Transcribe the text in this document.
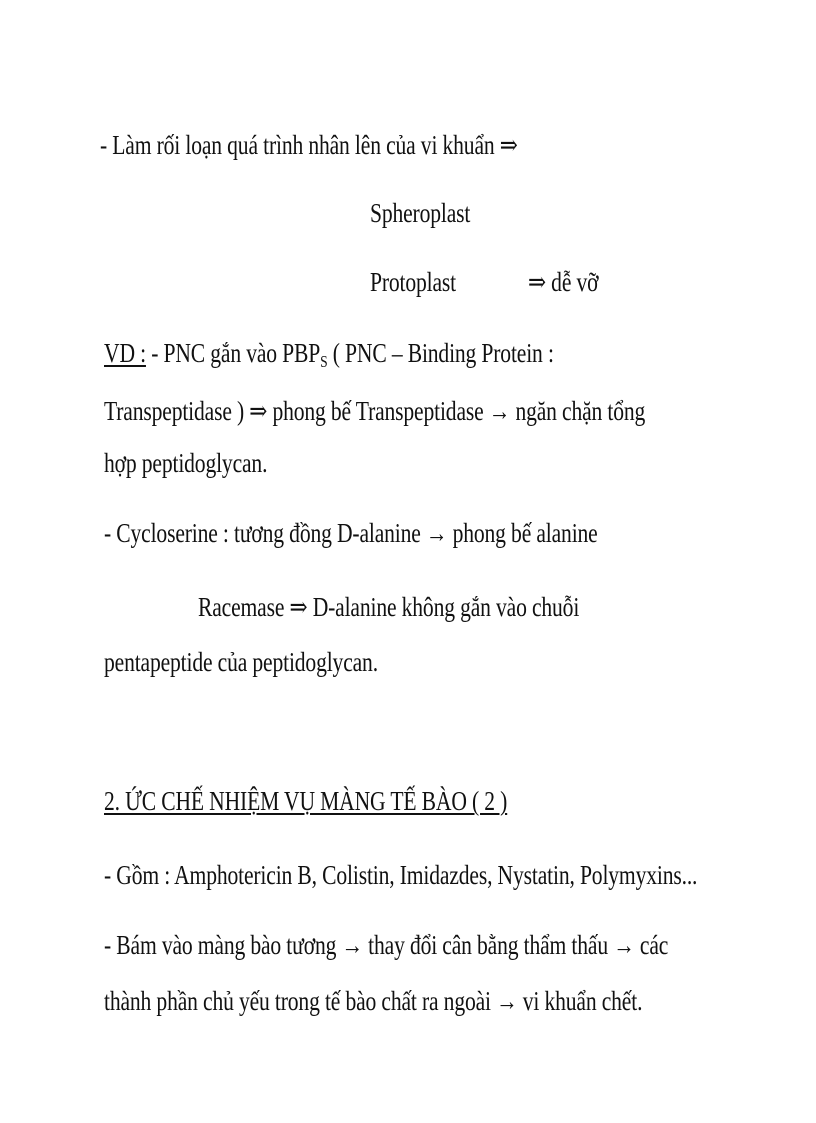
- Làm rối loạn quá trình nhân lên của vi khuẩn ⇒
Spheroplast
Protoplast	⇒ dễ vỡ
VD : - PNC gắn vào $PBP_S$ ( PNC – Binding Protein :
Transpeptidase ) ⇒ phong bế Transpeptidase → ngăn chặn tổng
hợp peptidoglycan.
- Cycloserine : tương đồng D-alanine → phong bế alanine
Racemase ⇒ D-alanine không gắn vào chuỗi
pentapeptide của peptidoglycan.
2. ỨC CHẾ NHIỆM VỤ MÀNG TẾ BÀO ( 2 )
- Gồm : Amphotericin B, Colistin, Imidazdes, Nystatin, Polymyxins...
- Bám vào màng bào tương → thay đổi cân bằng thẩm thấu → các
thành phần chủ yếu trong tế bào chất ra ngoài → vi khuẩn chết.
